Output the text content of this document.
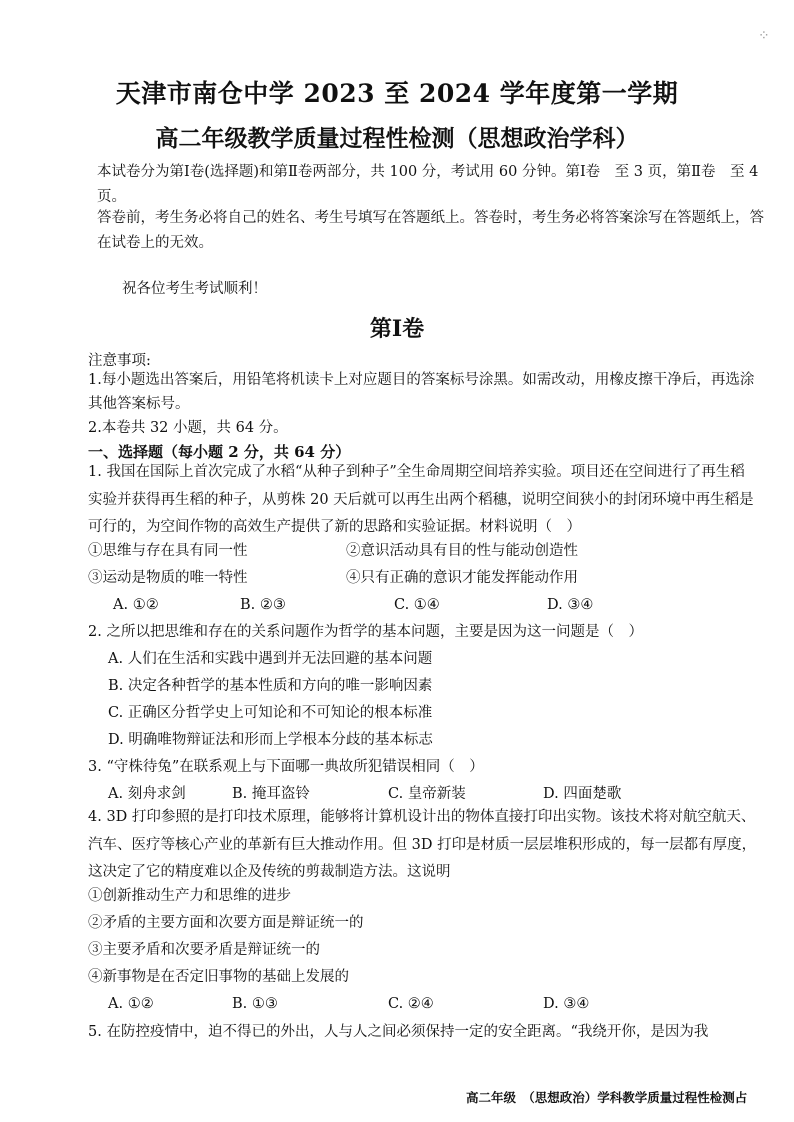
⁘
天津市南仓中学 2023 至 2024 学年度第一学期
高二年级教学质量过程性检测（思想政治学科）
本试卷分为第Ⅰ卷(选择题)和第Ⅱ卷两部分，共 100 分，考试用 60 分钟。第Ⅰ卷　至 3 页，第Ⅱ卷　至 4 页。
答卷前，考生务必将自己的姓名、考生号填写在答题纸上。答卷时，考生务必将答案涂写在答题纸上，答在试卷上的无效。
祝各位考生考试顺利！
第Ⅰ卷
注意事项:
1.每小题选出答案后，用铅笔将机读卡上对应题目的答案标号涂黑。如需改动，用橡皮擦干净后，再选涂其他答案标号。
2.本卷共 32 小题，共 64 分。
一、选择题（每小题 2 分，共 64 分）
1. 我国在国际上首次完成了水稻“从种子到种子”全生命周期空间培养实验。项目还在空间进行了再生稻实验并获得再生稻的种子，从剪株 20 天后就可以再生出两个稻穗，说明空间狭小的封闭环境中再生稻是可行的，为空间作物的高效生产提供了新的思路和实验证据。材料说明（　）
①思维与存在具有同一性	②意识活动具有目的性与能动创造性
③运动是物质的唯一特性	④只有正确的意识才能发挥能动作用
A. ①②	B. ②③	C. ①④	D. ③④
2. 之所以把思维和存在的关系问题作为哲学的基本问题，主要是因为这一问题是（　）
A. 人们在生活和实践中遇到并无法回避的基本问题
B. 决定各种哲学的基本性质和方向的唯一影响因素
C. 正确区分哲学史上可知论和不可知论的根本标准
D. 明确唯物辩证法和形而上学根本分歧的基本标志
3. “守株待兔”在联系观上与下面哪一典故所犯错误相同（　）
A. 刻舟求剑	B. 掩耳盗铃	C. 皇帝新装	D. 四面楚歌
4. 3D 打印参照的是打印技术原理，能够将计算机设计出的物体直接打印出实物。该技术将对航空航天、汽车、医疗等核心产业的革新有巨大推动作用。但 3D 打印是材质一层层堆积形成的，每一层都有厚度，这决定了它的精度难以企及传统的剪裁制造方法。这说明
①创新推动生产力和思维的进步
②矛盾的主要方面和次要方面是辩证统一的
③主要矛盾和次要矛盾是辩证统一的
④新事物是在否定旧事物的基础上发展的
A. ①②	B. ①③	C. ②④	D. ③④
5. 在防控疫情中，迫不得已的外出，人与人之间必须保持一定的安全距离。“我绕开你，是因为我
高二年级　（思想政治）学科教学质量过程性检测占
